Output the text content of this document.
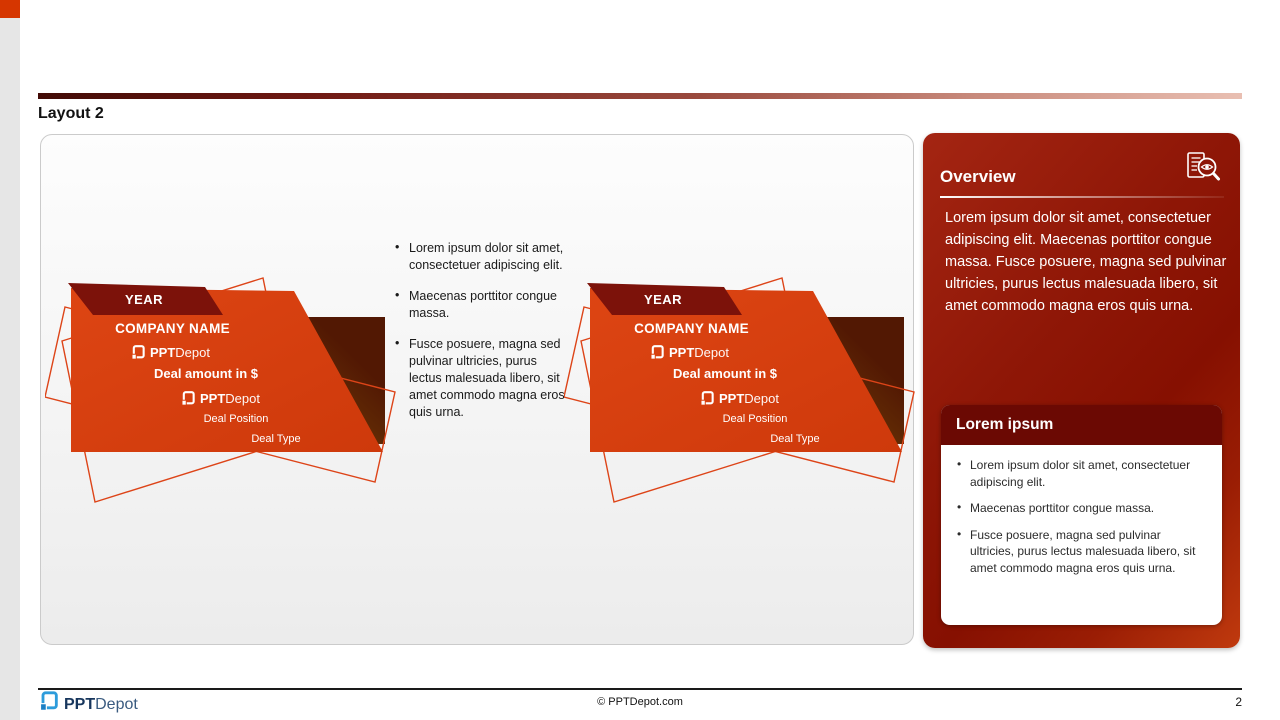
Layout 2
YEAR
COMPANY NAME
PPTDepot
Deal amount in $
PPTDepot
Deal Position
Deal Type
• Lorem ipsum dolor sit amet, consectetuer adipiscing elit.
• Maecenas porttitor congue massa.
• Fusce posuere, magna sed pulvinar ultricies, purus lectus malesuada libero, sit amet commodo magna eros quis urna.
YEAR
COMPANY NAME
PPTDepot
Deal amount in $
PPTDepot
Deal Position
Deal Type
Overview
Lorem ipsum dolor sit amet, consectetuer adipiscing elit. Maecenas porttitor congue massa. Fusce posuere, magna sed pulvinar ultricies, purus lectus malesuada libero, sit amet commodo magna eros quis urna.
Lorem ipsum
• Lorem ipsum dolor sit amet, consectetuer adipiscing elit.
• Maecenas porttitor congue massa.
• Fusce posuere, magna sed pulvinar ultricies, purus lectus malesuada libero, sit amet commodo magna eros quis urna.
PPTDepot	© PPTDepot.com	2
